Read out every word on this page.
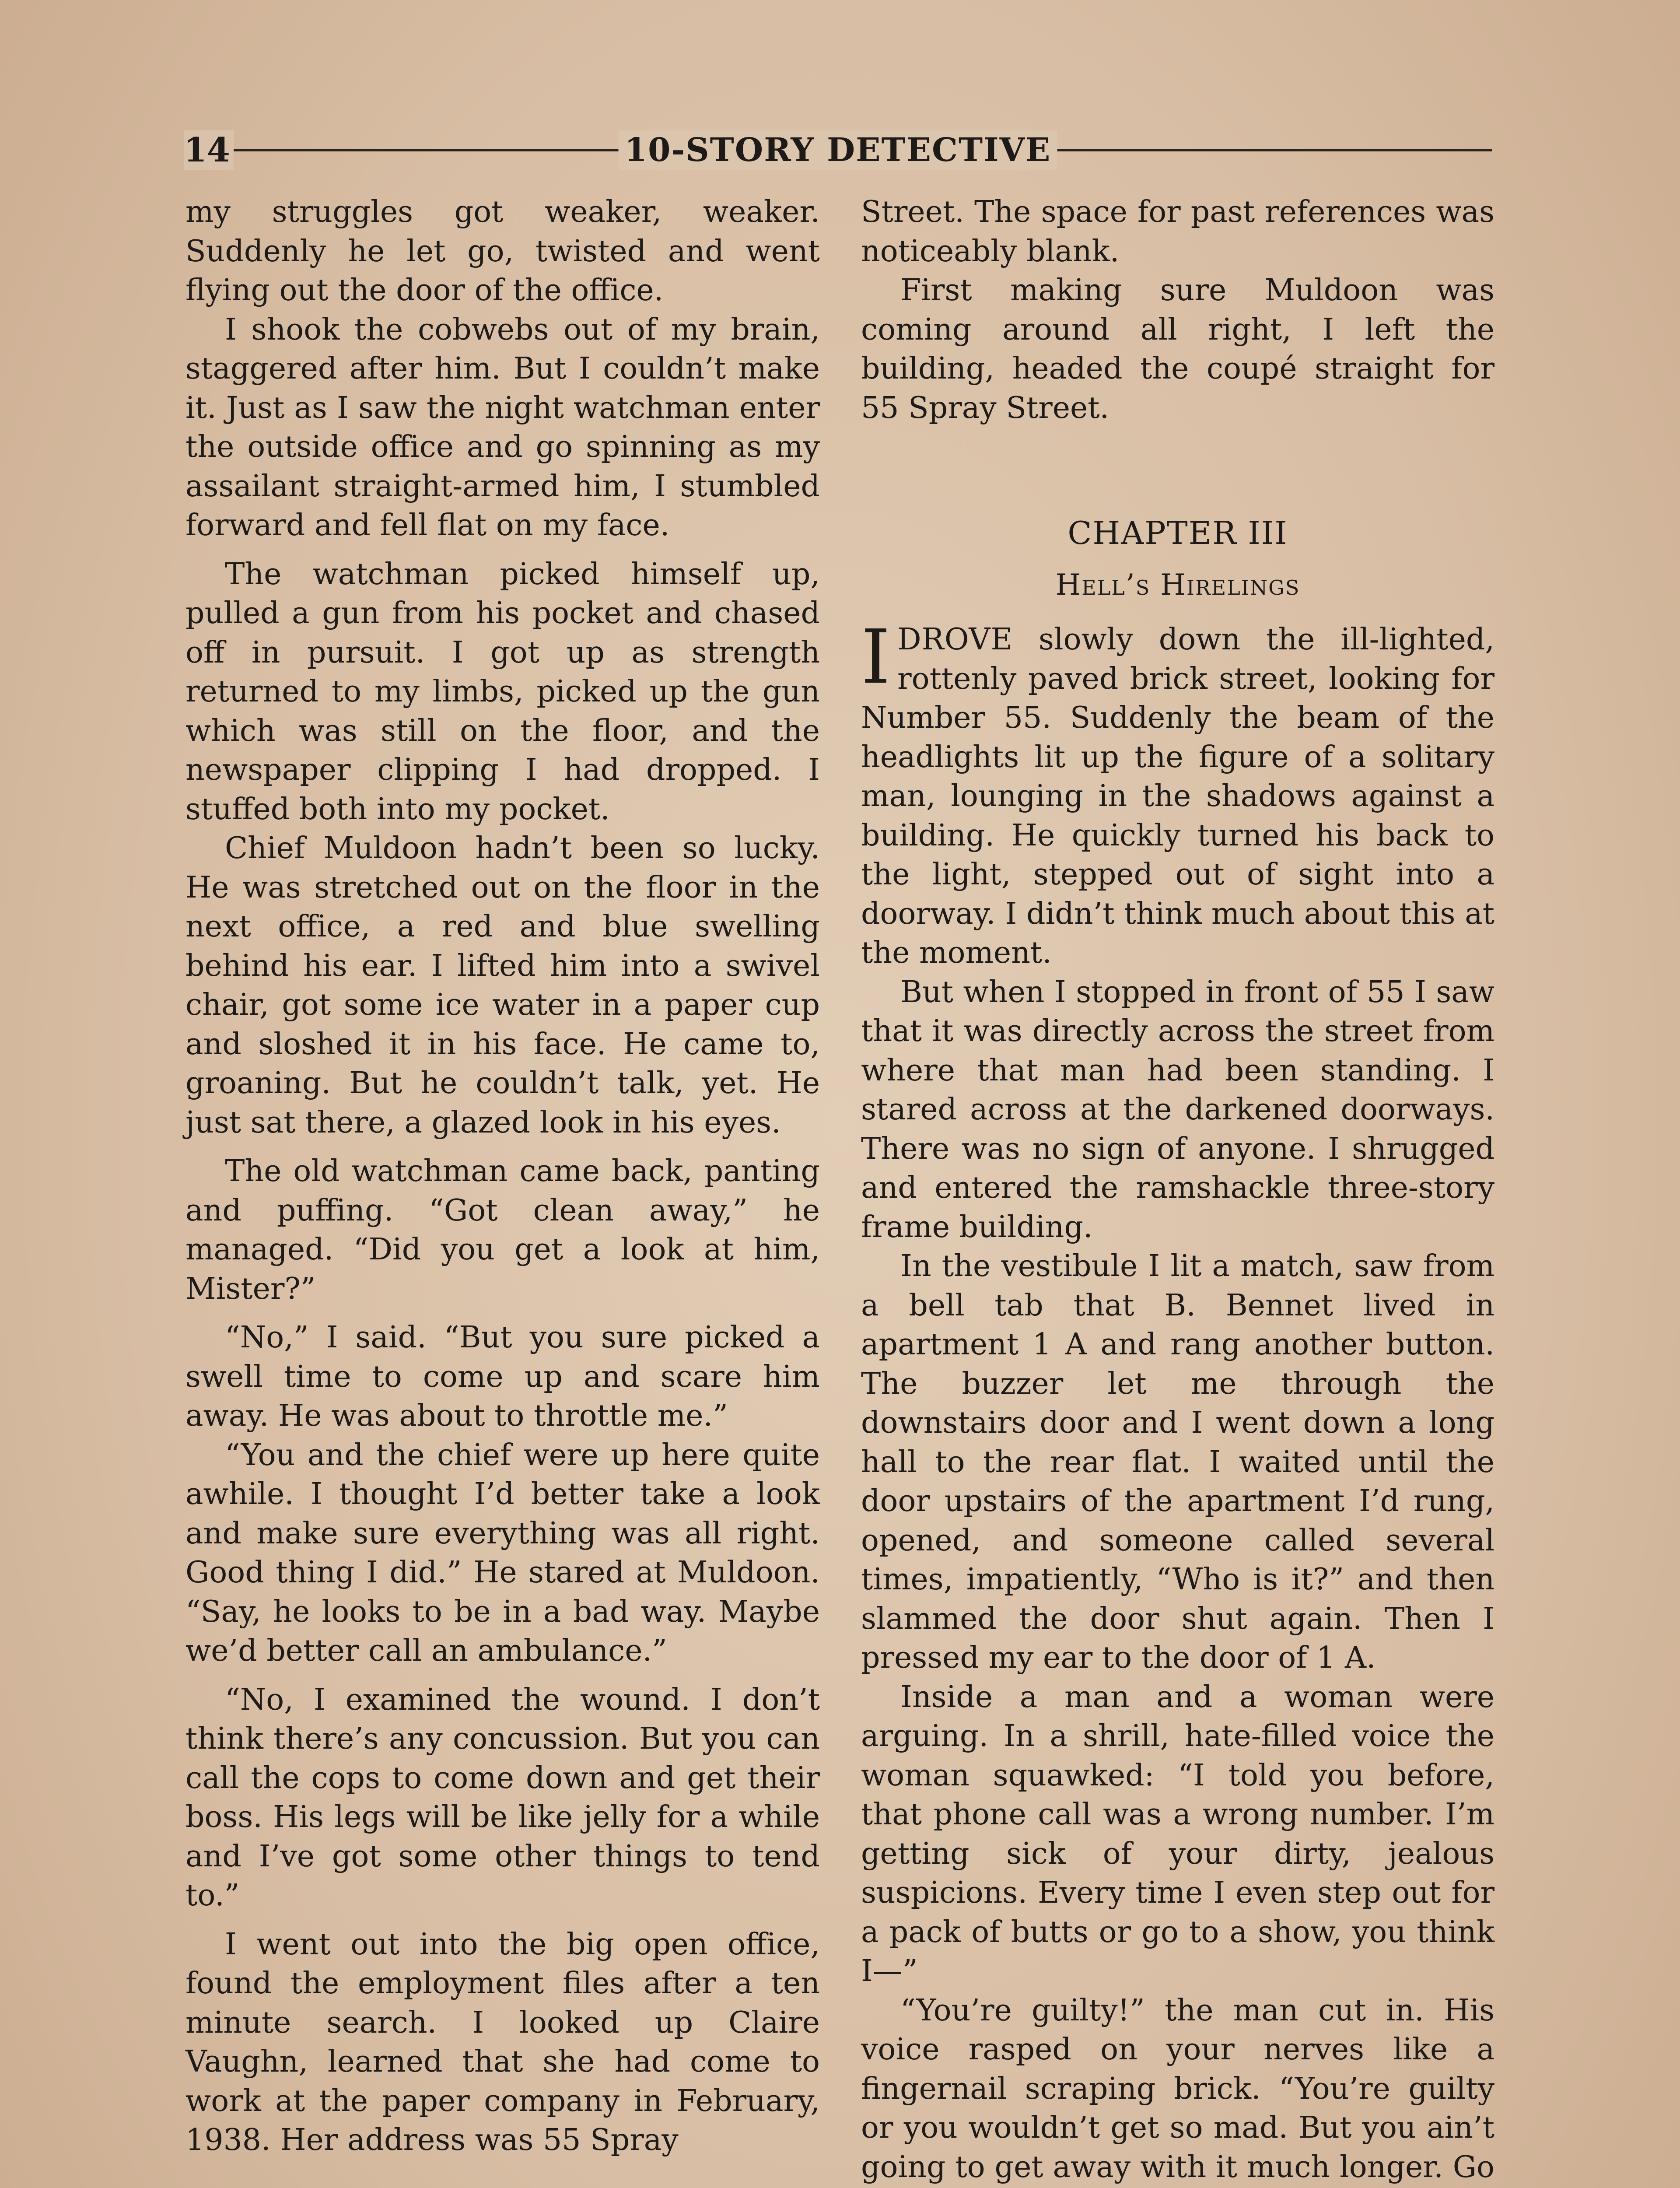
14	10-STORY DETECTIVE

my struggles got weaker, weaker. Suddenly he let go, twisted and went flying out the door of the office.

I shook the cobwebs out of my brain, staggered after him. But I couldn’t make it. Just as I saw the night watchman enter the outside office and go spinning as my assailant straight-armed him, I stumbled forward and fell flat on my face.

The watchman picked himself up, pulled a gun from his pocket and chased off in pursuit. I got up as strength returned to my limbs, picked up the gun which was still on the floor, and the newspaper clipping I had dropped. I stuffed both into my pocket.

Chief Muldoon hadn’t been so lucky. He was stretched out on the floor in the next office, a red and blue swelling behind his ear. I lifted him into a swivel chair, got some ice water in a paper cup and sloshed it in his face. He came to, groaning. But he couldn’t talk, yet. He just sat there, a glazed look in his eyes.

The old watchman came back, panting and puffing. “Got clean away,” he managed. “Did you get a look at him, Mister?”

“No,” I said. “But you sure picked a swell time to come up and scare him away. He was about to throttle me.”

“You and the chief were up here quite awhile. I thought I’d better take a look and make sure everything was all right. Good thing I did.” He stared at Muldoon. “Say, he looks to be in a bad way. Maybe we’d better call an ambulance.”

“No, I examined the wound. I don’t think there’s any concussion. But you can call the cops to come down and get their boss. His legs will be like jelly for a while and I’ve got some other things to tend to.”

I went out into the big open office, found the employment files after a ten minute search. I looked up Claire Vaughn, learned that she had come to work at the paper company in February, 1938. Her address was 55 Spray

Street. The space for past references was noticeably blank.

First making sure Muldoon was coming around all right, I left the building, headed the coupé straight for 55 Spray Street.

CHAPTER III
Hell’s Hirelings

IDROVE slowly down the ill-lighted, rottenly paved brick street, looking for Number 55. Suddenly the beam of the headlights lit up the figure of a solitary man, lounging in the shadows against a building. He quickly turned his back to the light, stepped out of sight into a doorway. I didn’t think much about this at the moment.

But when I stopped in front of 55 I saw that it was directly across the street from where that man had been standing. I stared across at the darkened doorways. There was no sign of anyone. I shrugged and entered the ramshackle three-story frame building.

In the vestibule I lit a match, saw from a bell tab that B. Bennet lived in apartment 1 A and rang another button. The buzzer let me through the downstairs door and I went down a long hall to the rear flat. I waited until the door upstairs of the apartment I’d rung, opened, and someone called several times, impatiently, “Who is it?” and then slammed the door shut again. Then I pressed my ear to the door of 1 A.

Inside a man and a woman were arguing. In a shrill, hate-filled voice the woman squawked: “I told you before, that phone call was a wrong number. I’m getting sick of your dirty, jealous suspicions. Every time I even step out for a pack of butts or go to a show, you think I—”

“You’re guilty!” the man cut in. His voice rasped on your nerves like a fingernail scraping brick. “You’re guilty or you wouldn’t get so mad. But you ain’t going to get away with it much longer. Go
